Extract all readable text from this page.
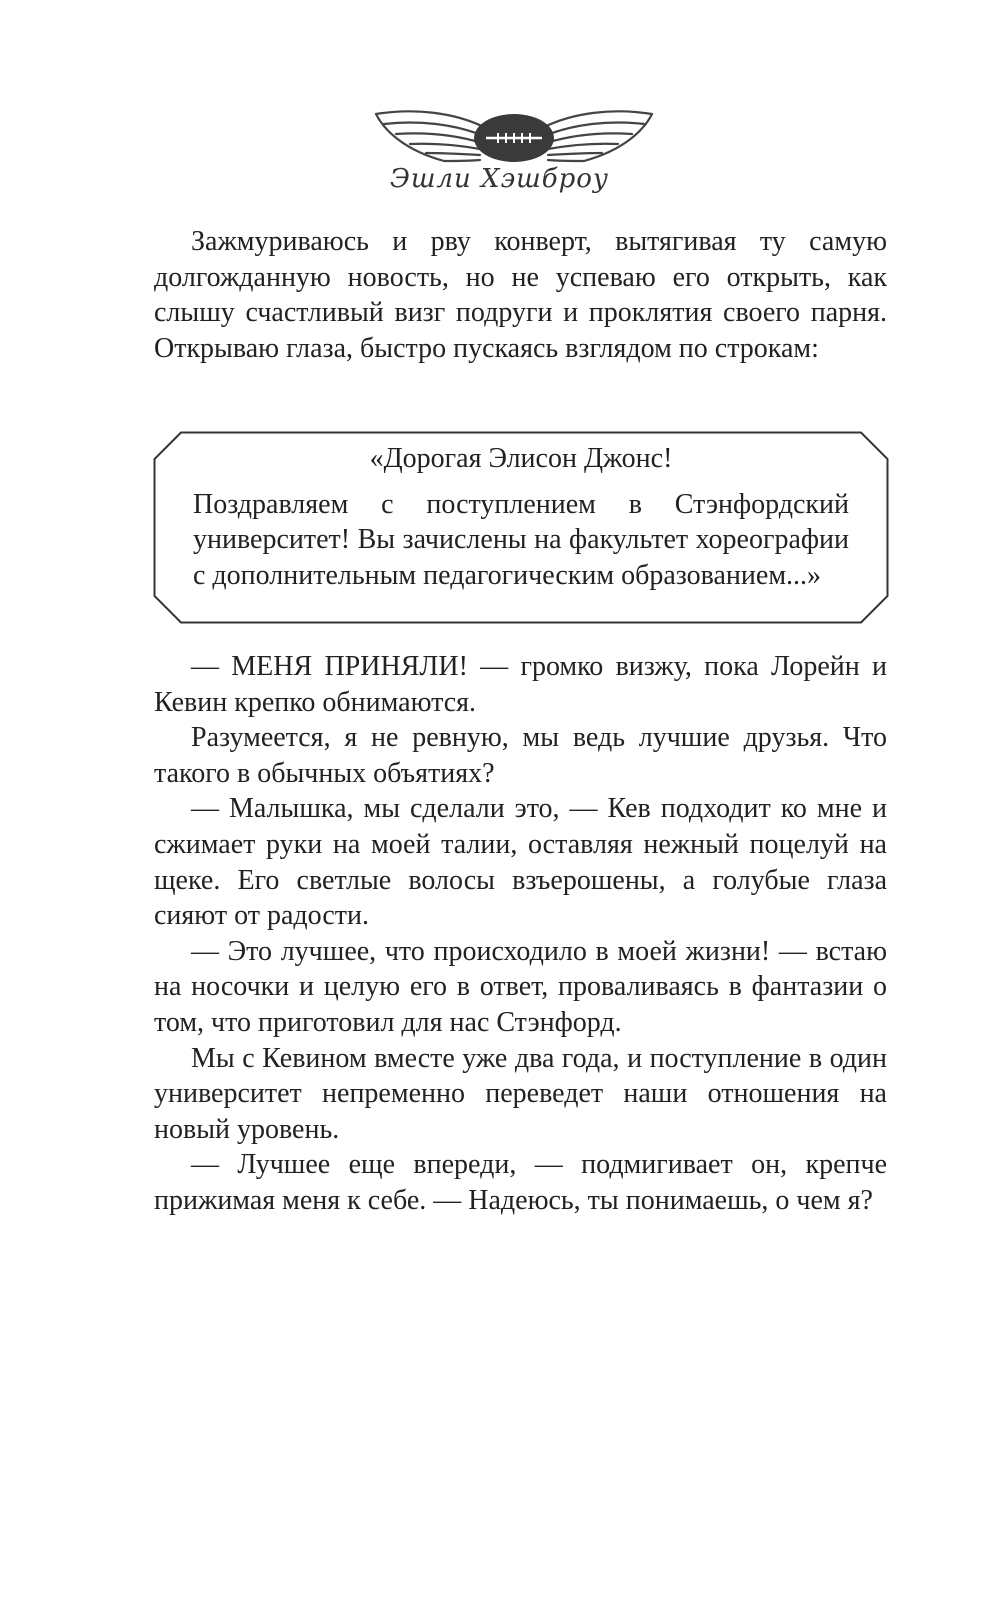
Эшли Хэшброу

Зажмуриваюсь и рву конверт, вытягивая ту самую долгожданную новость, но не успеваю его открыть, как слышу счастливый визг подруги и проклятия своего парня. Открываю глаза, быстро пускаясь взглядом по строкам:

«Дорогая Элисон Джонс!

Поздравляем с поступлением в Стэнфордский университет! Вы зачислены на факультет хореографии с дополнительным педагогическим образованием...»

— МЕНЯ ПРИНЯЛИ! — громко визжу, пока Лорейн и Кевин крепко обнимаются.

Разумеется, я не ревную, мы ведь лучшие друзья. Что такого в обычных объятиях?

— Малышка, мы сделали это, — Кев подходит ко мне и сжимает руки на моей талии, оставляя нежный поцелуй на щеке. Его светлые волосы взъерошены, а голубые глаза сияют от радости.

— Это лучшее, что происходило в моей жизни! — встаю на носочки и целую его в ответ, проваливаясь в фантазии о том, что приготовил для нас Стэнфорд.

Мы с Кевином вместе уже два года, и поступление в один университет непременно переведет наши отношения на новый уровень.

— Лучшее еще впереди, — подмигивает он, крепче прижимая меня к себе. — Надеюсь, ты понимаешь, о чем я?
